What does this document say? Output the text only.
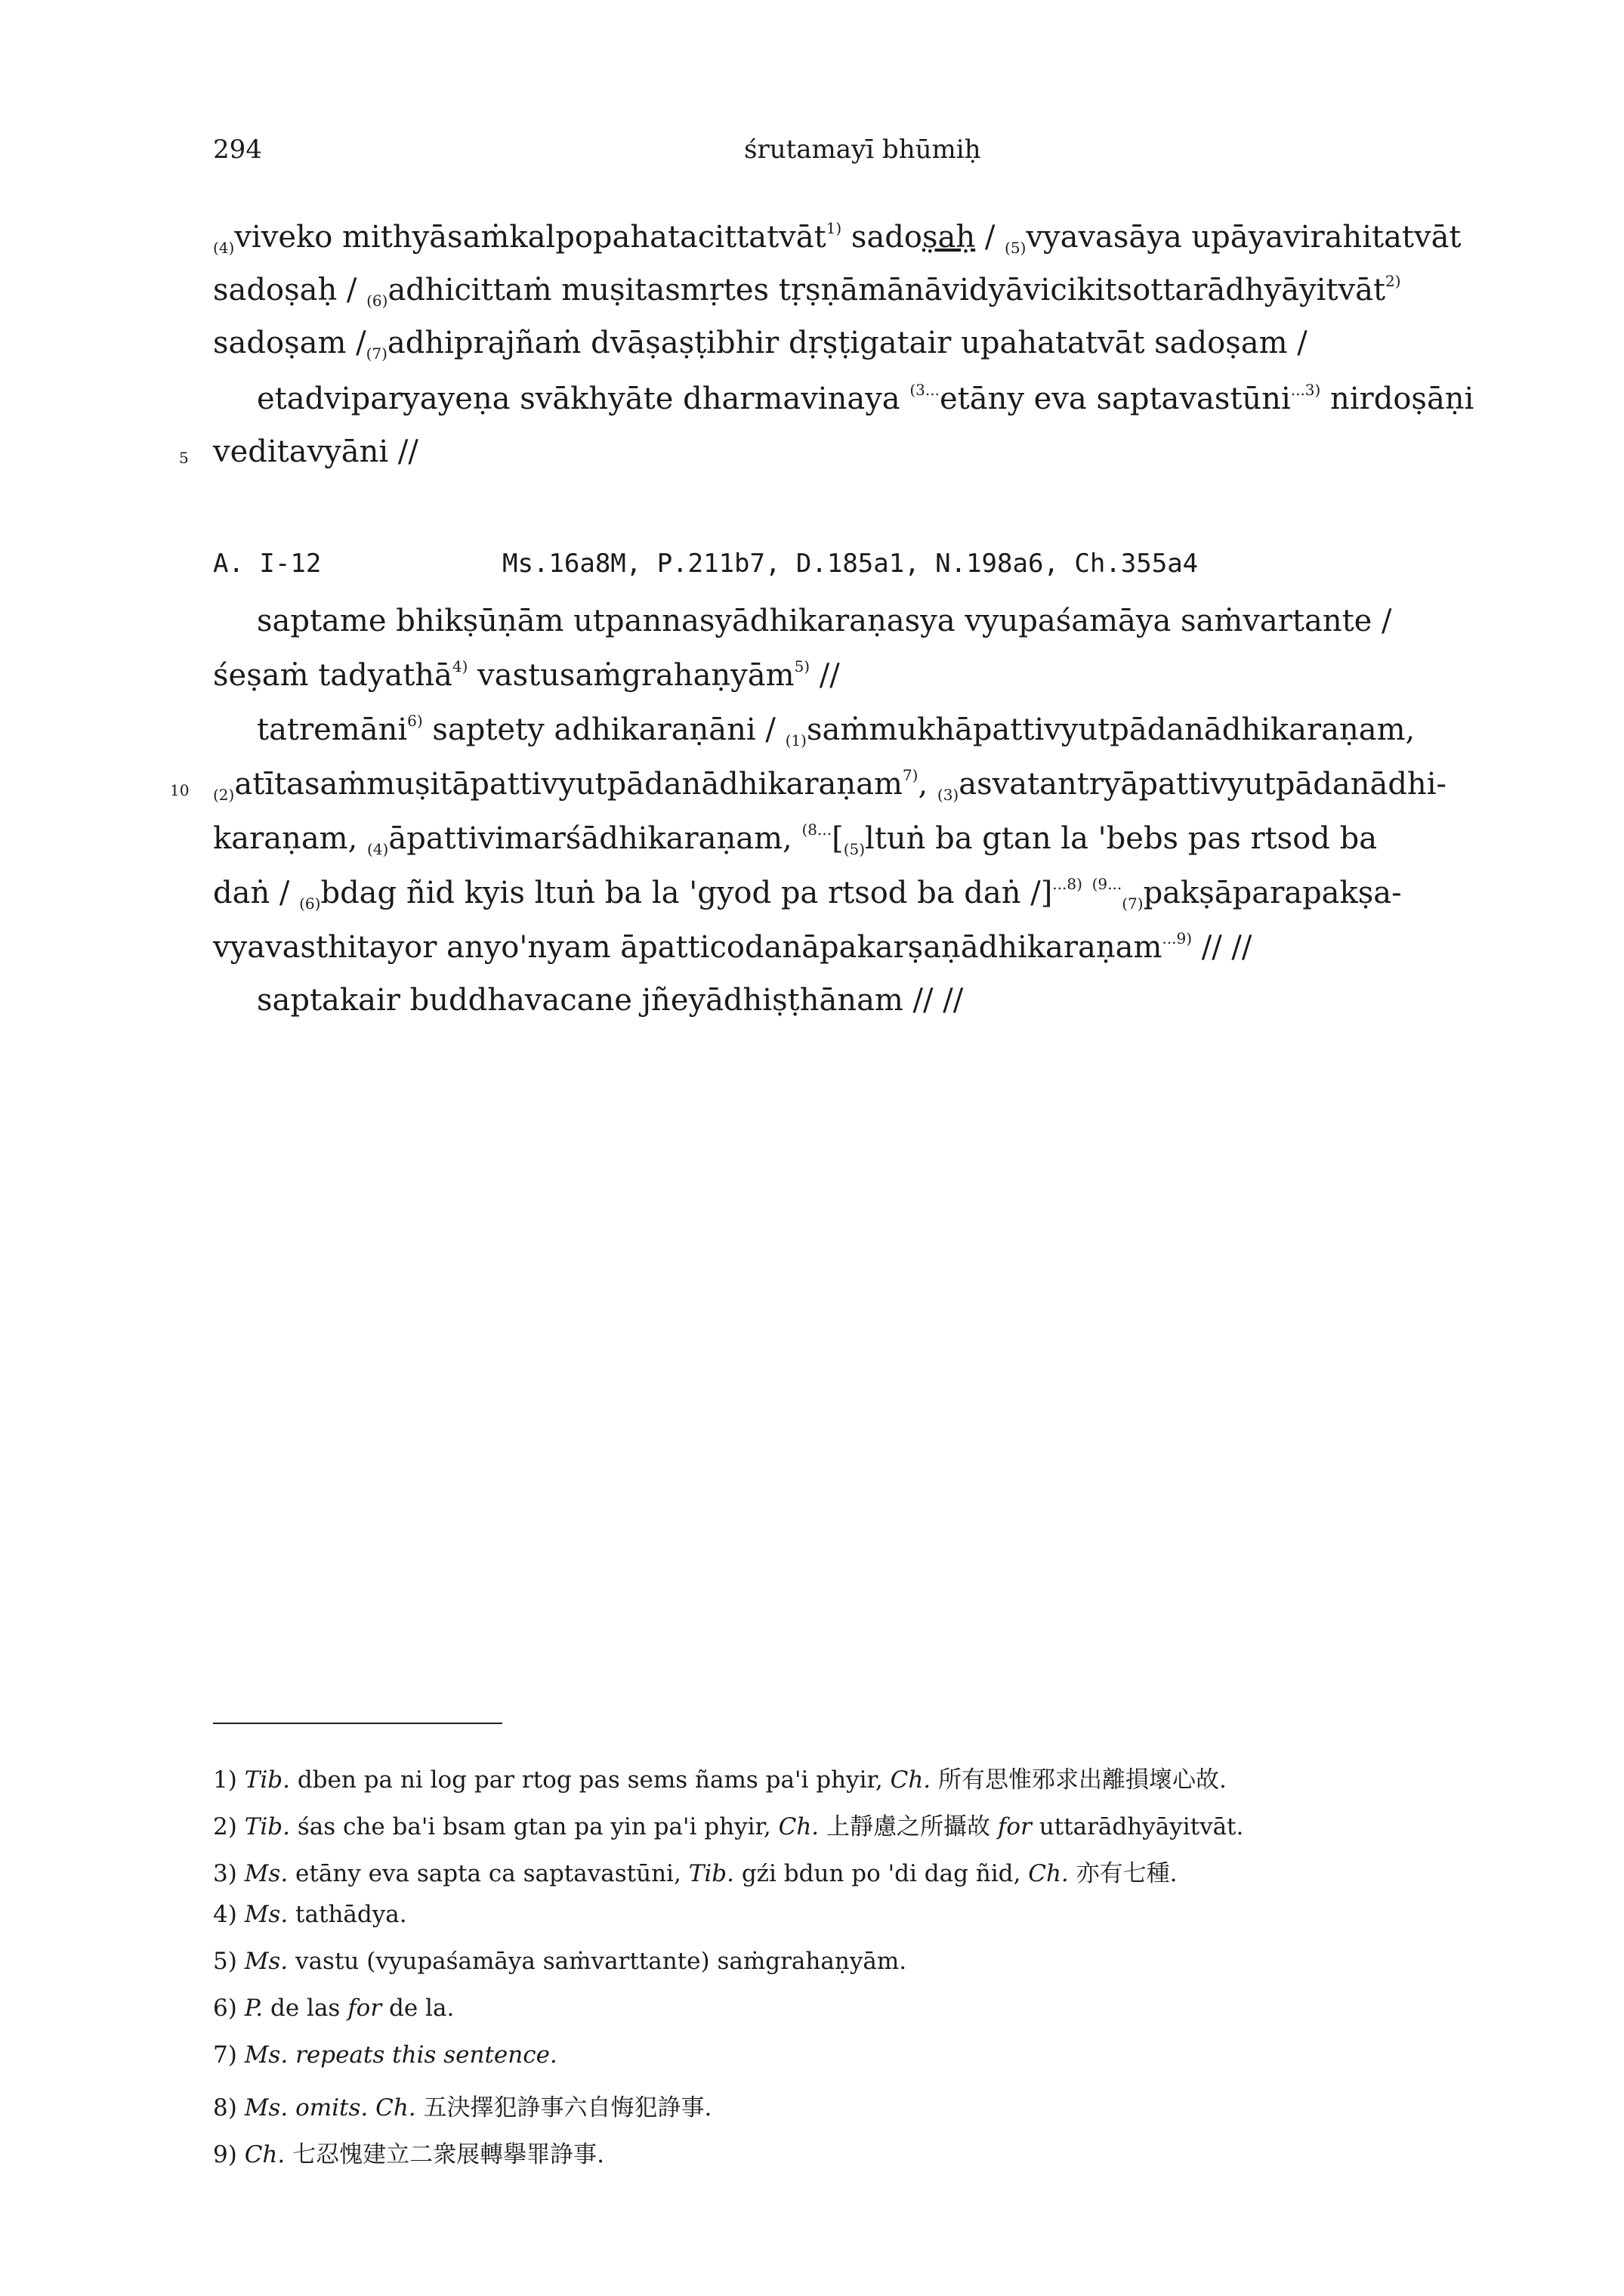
294	śrutamayī bhūmiḥ
$_{(4)}$viveko mithyāsaṁkalpopahatacittatvāt$^{1)}$ sadoṣaḥ / $_{(5)}$vyavasāya upāyavirahitatvāt
sadoṣaḥ / $_{(6)}$adhicittaṁ muṣitasmṛtes tṛṣṇāmānāvidyāvicikitsottarādhyāyitvāt$^{2)}$
sadoṣam $/_{(7)}adhiprajñaṁ$ dvāṣaṣṭibhir dṛṣṭigatair upahatatvāt sadoṣam /
etadviparyayeṇa svākhyāte dharmavinaya $^{(3...}$etāny eva saptavastūni$^{...3)}$ nirdoṣāṇi
5 veditavyāni //
A. I-12	Ms.16a8M, P.211b7, D.185a1, N.198a6, Ch.355a4
saptame bhikṣūṇām utpannasyādhikaraṇasya vyupaśamāya saṁvartante /
śeṣaṁ tadyathā$^{4)}$ vastusaṁgrahaṇyām$^{5)}$ //
tatremāni$^{6)}$ saptety adhikaraṇāni / $_{(1)}$saṁmukhāpattivyutpādanādhikaraṇam,
10 $_{(2)}$atītasaṁmuṣitāpattivyutpādanādhikaraṇam$^{7)}$, $_{(3)}$asvatantryāpattivyutpādanādhi-
karaṇam, $_{(4)}$āpattivimarśādhikaraṇam, $^{(8...}[_{(5)}ltuṅ$ ba gtan la 'bebs pas rtsod ba
daṅ / $_{(6)}$bdag ñid kyis ltuṅ ba la 'gyod pa rtsod ba daṅ /]$^{...8)}$ $^{(9...}_{(7)}$pakṣāparapakṣa-
vyavasthitayor anyo'nyam āpatticodanāpakarṣaṇādhikaraṇam$^{...9)}$ // //
saptakair buddhavacane jñeyādhiṣṭhānam // //
1) Tib. dben pa ni log par rtog pas sems ñams pa'i phyir, Ch. 所有思惟邪求出離損壞心故.
2) Tib. śas che ba'i bsam gtan pa yin pa'i phyir, Ch. 上靜慮之所攝故 for uttarādhyāyitvāt.
3) Ms. etāny eva sapta ca saptavastūni, Tib. gźi bdun po 'di dag ñid, Ch. 亦有七種.
4) Ms. tathādya.
5) Ms. vastu (vyupaśamāya saṁvarttante) saṁgrahaṇyām.
6) P. de las for de la.
7) Ms. repeats this sentence.
8) Ms. omits. Ch. 五決擇犯諍事六自悔犯諍事.
9) Ch. 七忍愧建立二衆展轉擧罪諍事.
